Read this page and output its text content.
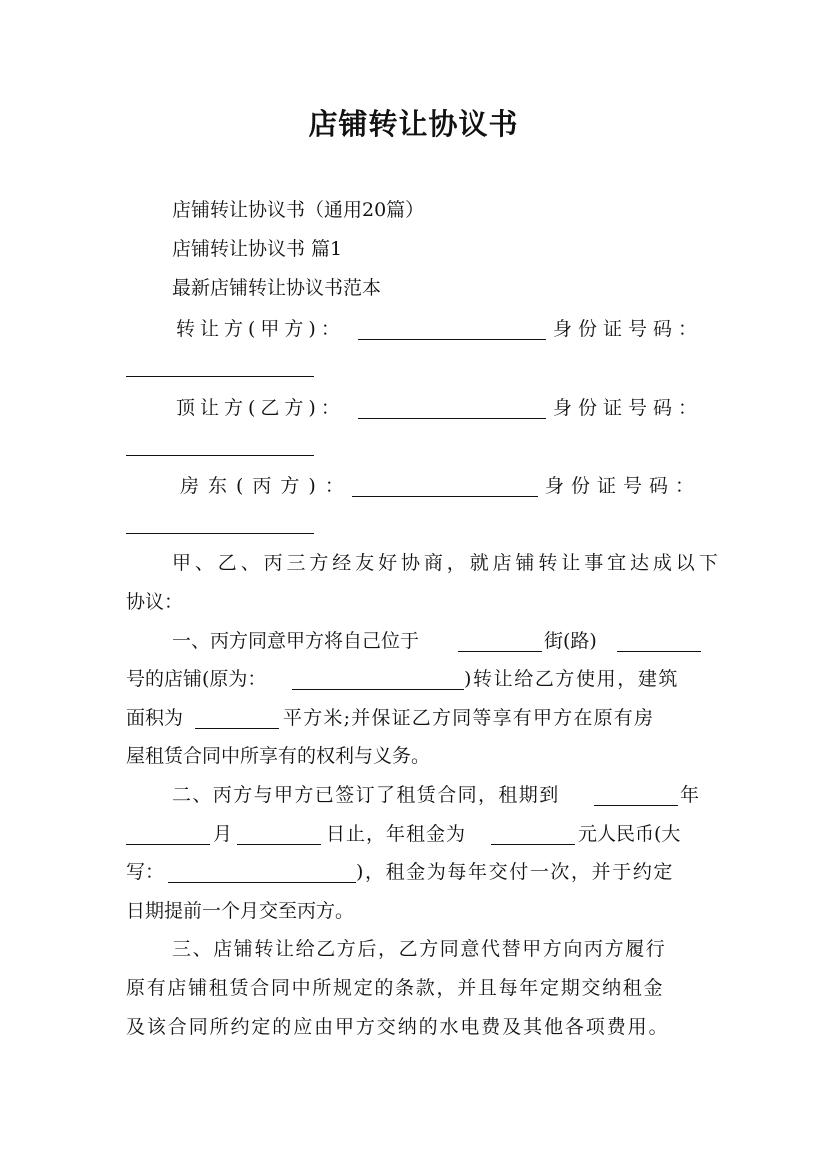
店铺转让协议书
店铺转让协议书（通用20篇）
店铺转让协议书 篇1
最新店铺转让协议书范本
转让方(甲方)：	身份证号码：
顶让方(乙方)：	身份证号码：
房东(丙方)：	身份证号码：
甲、乙、丙三方经友好协商，就店铺转让事宜达成以下
协议：
一、丙方同意甲方将自己位于	街(路)
号的店铺(原为：	)转让给乙方使用，建筑
面积为	平方米;并保证乙方同等享有甲方在原有房
屋租赁合同中所享有的权利与义务。
二、丙方与甲方已签订了租赁合同，租期到	年
月	日止，年租金为	元人民币(大
写：	)，租金为每年交付一次，并于约定
日期提前一个月交至丙方。
三、店铺转让给乙方后，乙方同意代替甲方向丙方履行
原有店铺租赁合同中所规定的条款，并且每年定期交纳租金
及该合同所约定的应由甲方交纳的水电费及其他各项费用。
